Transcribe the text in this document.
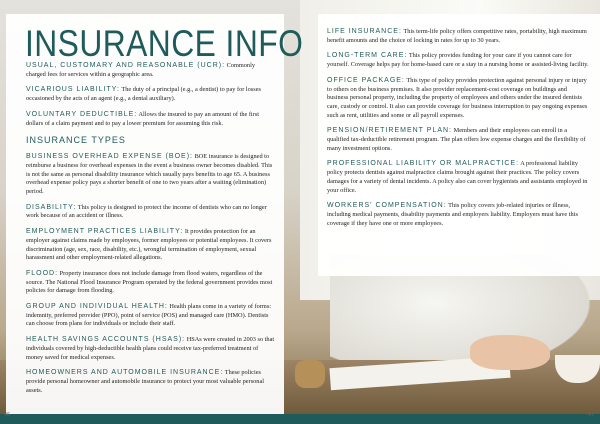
INSURANCE INFO

USUAL, CUSTOMARY AND REASONABLE (UCR): Commonly charged fees for services within a geographic area.

VICARIOUS LIABILITY: The duty of a principal (e.g., a dentist) to pay for losses occasioned by the acts of an agent (e.g., a dental auxiliary).

VOLUNTARY DEDUCTIBLE: Allows the insured to pay an amount of the first dollars of a claim payment and to pay a lower premium for assuming this risk.

INSURANCE TYPES

BUSINESS OVERHEAD EXPENSE (BOE): BOE insurance is designed to reimburse a business for overhead expenses in the event a business owner becomes disabled. This is not the same as personal disability insurance which usually pays benefits to age 65. A business overhead expense policy pays a shorter benefit of one to two years after a waiting (elimination) period.

DISABILITY: This policy is designed to protect the income of dentists who can no longer work because of an accident or illness.

EMPLOYMENT PRACTICES LIABILITY: It provides protection for an employer against claims made by employees, former employees or potential employees. It covers discrimination (age, sex, race, disability, etc.), wrongful termination of employment, sexual harassment and other employment-related allegations.

FLOOD: Property insurance does not include damage from flood waters, regardless of the source. The National Flood Insurance Program operated by the federal government provides most policies for damage from flooding.

GROUP AND INDIVIDUAL HEALTH: Health plans come in a variety of forms: indemnity, preferred provider (PPO), point of service (POS) and managed care (HMO). Dentists can choose from plans for individuals or include their staff.

HEALTH SAVINGS ACCOUNTS (HSAS): HSAs were created in 2003 so that individuals covered by high-deductible health plans could receive tax-preferred treatment of money saved for medical expenses.

HOMEOWNERS AND AUTOMOBILE INSURANCE: These policies provide personal homeowner and automobile insurance to protect your most valuable personal assets.

LIFE INSURANCE: This term-life policy offers competitive rates, portability, high maximum benefit amounts and the choice of locking in rates for up to 30 years.

LONG-TERM CARE: This policy provides funding for your care if you cannot care for yourself. Coverage helps pay for home-based care or a stay in a nursing home or assisted-living facility.

OFFICE PACKAGE: This type of policy provides protection against personal injury or injury to others on the business premises. It also provider replacement-cost coverage on buildings and business personal property, including the property of employees and others under the insured dentists care, custody or control. It also can provide coverage for business interruption to pay ongoing expenses such as rent, utilities and some or all payroll expenses.

PENSION/RETIREMENT PLAN: Members and their employees can enroll in a qualified tax-deductible retirement program. The plan offers low expense charges and the flexibility of many investment options.

PROFESSIONAL LIABILITY OR MALPRACTICE: A professional liability policy protects dentists against malpractice claims brought against their practices. The policy covers damages for a variety of dental incidents. A policy also can cover hygienists and assistants employed in your office.

WORKERS' COMPENSATION: This policy covers job-related injuries or illness, including medical payments, disability payments and employers liability. Employers must have this coverage if they have one or more employees.

46	47
